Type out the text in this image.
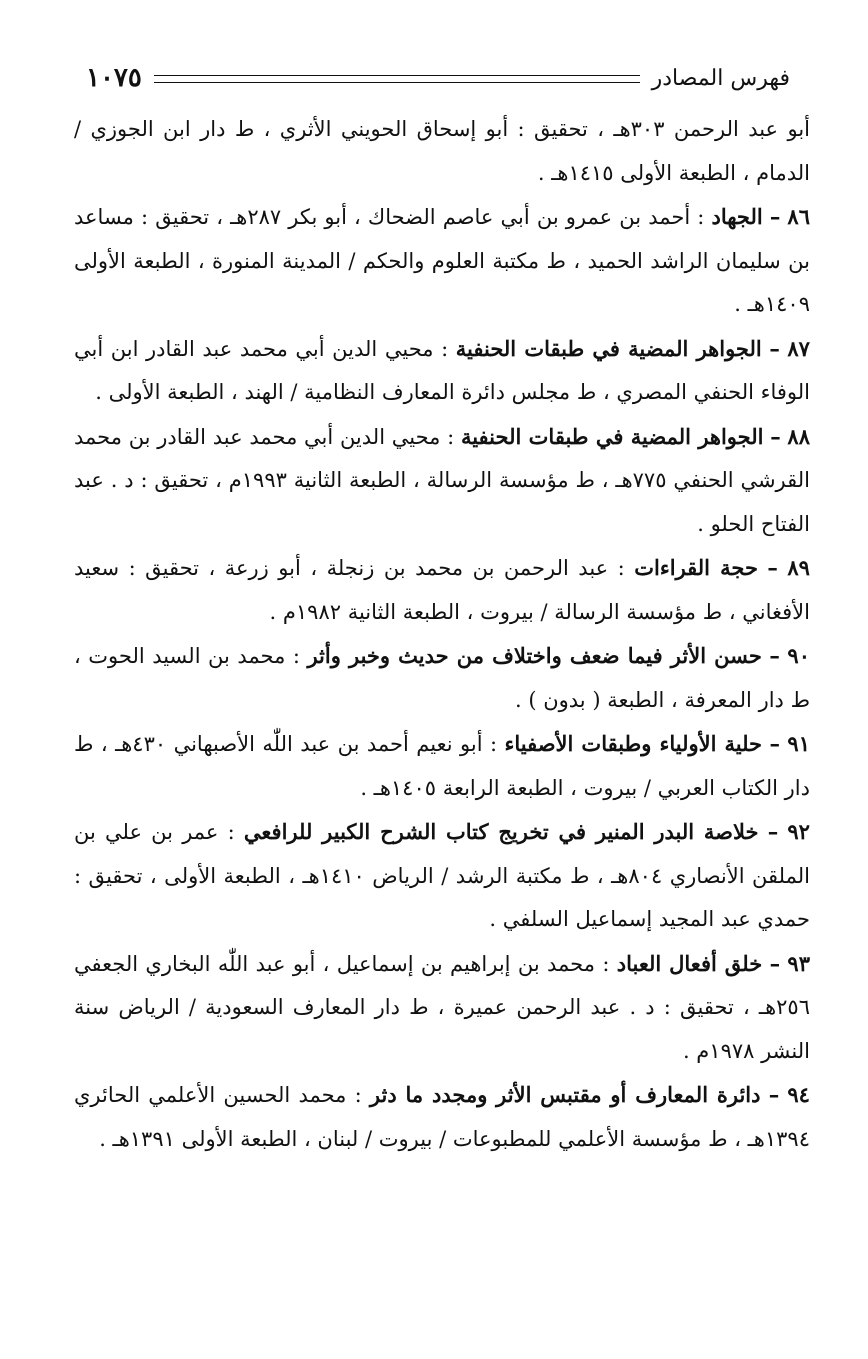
فهرس المصادر
١٠٧٥

أبو عبد الرحمن ٣٠٣هـ ، تحقيق : أبو إسحاق الحويني الأثري ، ط دار ابن الجوزي / الدمام ، الطبعة الأولى ١٤١٥هـ .

٨٦ – الجهاد : أحمد بن عمرو بن أبي عاصم الضحاك ، أبو بكر ٢٨٧هـ ، تحقيق : مساعد بن سليمان الراشد الحميد ، ط مكتبة العلوم والحكم / المدينة المنورة ، الطبعة الأولى ١٤٠٩هـ .

٨٧ – الجواهر المضية في طبقات الحنفية : محيي الدين أبي محمد عبد القادر ابن أبي الوفاء الحنفي المصري ، ط مجلس دائرة المعارف النظامية / الهند ، الطبعة الأولى .

٨٨ – الجواهر المضية في طبقات الحنفية : محيي الدين أبي محمد عبد القادر بن محمد القرشي الحنفي ٧٧٥هـ ، ط مؤسسة الرسالة ، الطبعة الثانية ١٩٩٣م ، تحقيق : د . عبد الفتاح الحلو .

٨٩ – حجة القراءات : عبد الرحمن بن محمد بن زنجلة ، أبو زرعة ، تحقيق : سعيد الأفغاني ، ط مؤسسة الرسالة / بيروت ، الطبعة الثانية ١٩٨٢م .

٩٠ – حسن الأثر فيما ضعف واختلاف من حديث وخبر وأثر : محمد بن السيد الحوت ، ط دار المعرفة ، الطبعة ( بدون ) .

٩١ – حلية الأولياء وطبقات الأصفياء : أبو نعيم أحمد بن عبد اللّٰه الأصبهاني ٤٣٠هـ ، ط دار الكتاب العربي / بيروت ، الطبعة الرابعة ١٤٠٥هـ .

٩٢ – خلاصة البدر المنير في تخريج كتاب الشرح الكبير للرافعي : عمر بن علي بن الملقن الأنصاري ٨٠٤هـ ، ط مكتبة الرشد / الرياض ١٤١٠هـ ، الطبعة الأولى ، تحقيق : حمدي عبد المجيد إسماعيل السلفي .

٩٣ – خلق أفعال العباد : محمد بن إبراهيم بن إسماعيل ، أبو عبد اللّٰه البخاري الجعفي ٢٥٦هـ ، تحقيق : د . عبد الرحمن عميرة ، ط دار المعارف السعودية / الرياض سنة النشر ١٩٧٨م .

٩٤ – دائرة المعارف أو مقتبس الأثر ومجدد ما دثر : محمد الحسين الأعلمي الحائري ١٣٩٤هـ ، ط مؤسسة الأعلمي للمطبوعات / بيروت / لبنان ، الطبعة الأولى ١٣٩١هـ .
